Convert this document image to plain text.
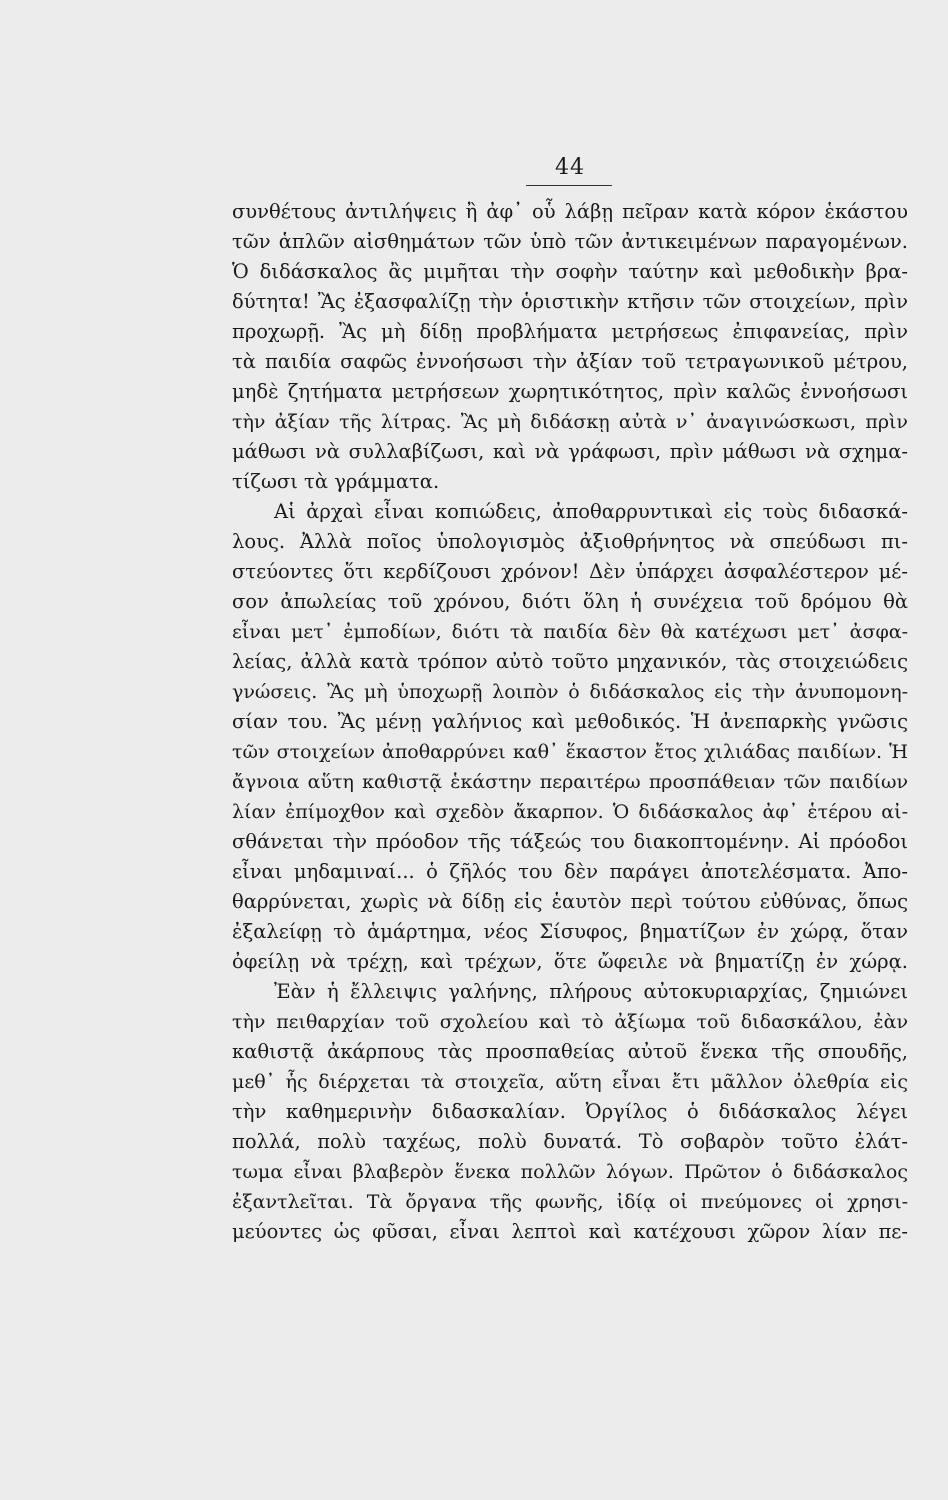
44
συνθέτους ἀντιλήψεις ἢ ἀφ᾽ οὗ λάβῃ πεῖραν κατὰ κόρον ἑκάστου
τῶν ἁπλῶν αἰσθημάτων τῶν ὑπὸ τῶν ἀντικειμένων παραγομένων.
Ὁ διδάσκαλος ἂς μιμῆται τὴν σοφὴν ταύτην καὶ μεθοδικὴν βρα-
δύτητα! Ἂς ἐξασφαλίζῃ τὴν ὁριστικὴν κτῆσιν τῶν στοιχείων, πρὶν
προχωρῇ. Ἂς μὴ δίδῃ προβλήματα μετρήσεως ἐπιφανείας, πρὶν
τὰ παιδία σαφῶς ἐννοήσωσι τὴν ἀξίαν τοῦ τετραγωνικοῦ μέτρου,
μηδὲ ζητήματα μετρήσεων χωρητικότητος, πρὶν καλῶς ἐννοήσωσι
τὴν ἀξίαν τῆς λίτρας. Ἂς μὴ διδάσκῃ αὐτὰ ν᾽ ἀναγινώσκωσι, πρὶν
μάθωσι νὰ συλλαβίζωσι, καὶ νὰ γράφωσι, πρὶν μάθωσι νὰ σχημα-
τίζωσι τὰ γράμματα.
Αἱ ἀρχαὶ εἶναι κοπιώδεις, ἀποθαρρυντικαὶ εἰς τοὺς διδασκά-
λους. Ἀλλὰ ποῖος ὑπολογισμὸς ἀξιοθρήνητος νὰ σπεύδωσι πι-
στεύοντες ὅτι κερδίζουσι χρόνον! Δὲν ὑπάρχει ἀσφαλέστερον μέ-
σον ἀπωλείας τοῦ χρόνου, διότι ὅλη ἡ συνέχεια τοῦ δρόμου θὰ
εἶναι μετ᾽ ἐμποδίων, διότι τὰ παιδία δὲν θὰ κατέχωσι μετ᾽ ἀσφα-
λείας, ἀλλὰ κατὰ τρόπον αὐτὸ τοῦτο μηχανικόν, τὰς στοιχειώδεις
γνώσεις. Ἂς μὴ ὑποχωρῇ λοιπὸν ὁ διδάσκαλος εἰς τὴν ἀνυπομονη-
σίαν του. Ἂς μένῃ γαλήνιος καὶ μεθοδικός. Ἡ ἀνεπαρκὴς γνῶσις
τῶν στοιχείων ἀποθαρρύνει καθ᾽ ἕκαστον ἔτος χιλιάδας παιδίων. Ἡ
ἄγνοια αὕτη καθιστᾷ ἑκάστην περαιτέρω προσπάθειαν τῶν παιδίων
λίαν ἐπίμοχθον καὶ σχεδὸν ἄκαρπον. Ὁ διδάσκαλος ἀφ᾽ ἑτέρου αἰ-
σθάνεται τὴν πρόοδον τῆς τάξεώς του διακοπτομένην. Αἱ πρόοδοι
εἶναι μηδαμιναί... ὁ ζῆλός του δὲν παράγει ἀποτελέσματα. Ἀπο-
θαρρύνεται, χωρὶς νὰ δίδῃ εἰς ἑαυτὸν περὶ τούτου εὐθύνας, ὅπως
ἐξαλείφῃ τὸ ἁμάρτημα, νέος Σίσυφος, βηματίζων ἐν χώρᾳ, ὅταν
ὀφείλῃ νὰ τρέχῃ, καὶ τρέχων, ὅτε ὤφειλε νὰ βηματίζῃ ἐν χώρᾳ.
Ἐὰν ἡ ἔλλειψις γαλήνης, πλήρους αὐτοκυριαρχίας, ζημιώνει
τὴν πειθαρχίαν τοῦ σχολείου καὶ τὸ ἀξίωμα τοῦ διδασκάλου, ἐὰν
καθιστᾷ ἀκάρπους τὰς προσπαθείας αὐτοῦ ἕνεκα τῆς σπουδῆς,
μεθ᾽ ἧς διέρχεται τὰ στοιχεῖα, αὕτη εἶναι ἔτι μᾶλλον ὀλεθρία εἰς
τὴν καθημερινὴν διδασκαλίαν. Ὀργίλος ὁ διδάσκαλος λέγει
πολλά, πολὺ ταχέως, πολὺ δυνατά. Τὸ σοβαρὸν τοῦτο ἐλάτ-
τωμα εἶναι βλαβερὸν ἕνεκα πολλῶν λόγων. Πρῶτον ὁ διδάσκαλος
ἐξαντλεῖται. Τὰ ὄργανα τῆς φωνῆς, ἰδίᾳ οἱ πνεύμονες οἱ χρησι-
μεύοντες ὡς φῦσαι, εἶναι λεπτοὶ καὶ κατέχουσι χῶρον λίαν πε-
